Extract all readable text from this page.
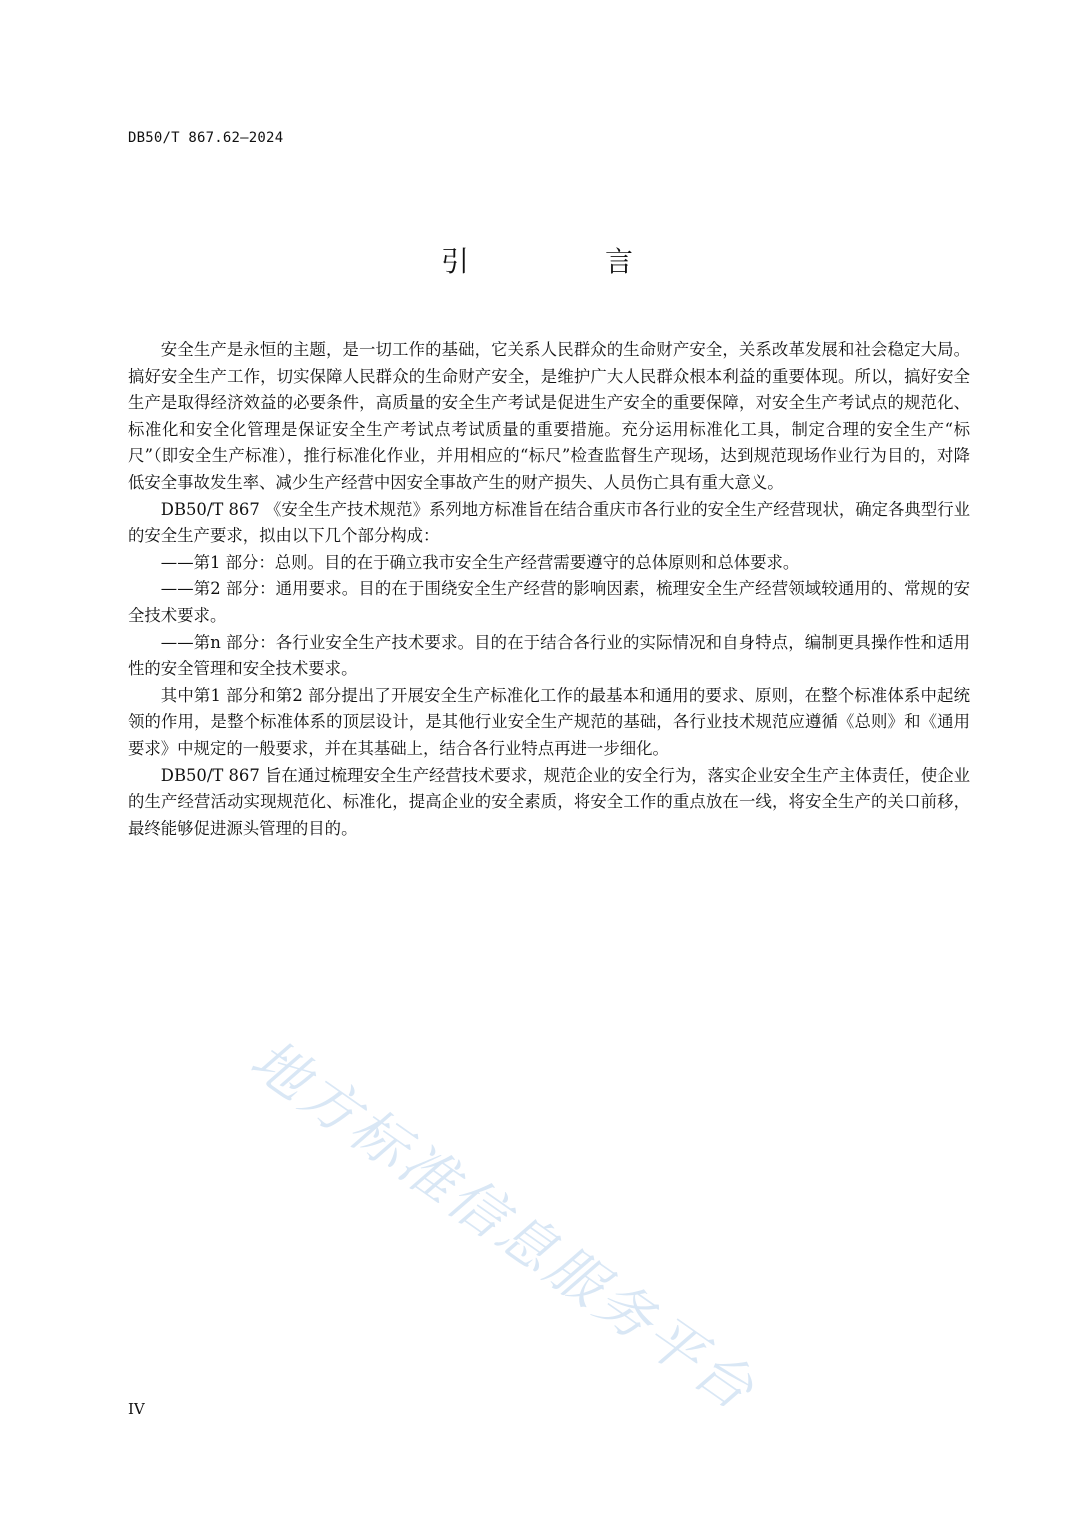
DB50/T 867.62—2024
引　言

安全生产是永恒的主题，是一切工作的基础，它关系人民群众的生命财产安全，关系改革发展和社会稳定大局。搞好安全生产工作，切实保障人民群众的生命财产安全，是维护广大人民群众根本利益的重要体现。所以，搞好安全生产是取得经济效益的必要条件，高质量的安全生产考试是促进生产安全的重要保障，对安全生产考试点的规范化、标准化和安全化管理是保证安全生产考试点考试质量的重要措施。充分运用标准化工具，制定合理的安全生产“标尺”（即安全生产标准），推行标准化作业，并用相应的“标尺”检查监督生产现场，达到规范现场作业行为目的，对降低安全事故发生率、减少生产经营中因安全事故产生的财产损失、人员伤亡具有重大意义。

DB50/T 867 《安全生产技术规范》系列地方标准旨在结合重庆市各行业的安全生产经营现状，确定各典型行业的安全生产要求，拟由以下几个部分构成：

——第1 部分：总则。目的在于确立我市安全生产经营需要遵守的总体原则和总体要求。

——第2 部分：通用要求。目的在于围绕安全生产经营的影响因素，梳理安全生产经营领域较通用的、常规的安全技术要求。

——第n 部分：各行业安全生产技术要求。目的在于结合各行业的实际情况和自身特点，编制更具操作性和适用性的安全管理和安全技术要求。

其中第1 部分和第2 部分提出了开展安全生产标准化工作的最基本和通用的要求、原则，在整个标准体系中起统领的作用，是整个标准体系的顶层设计，是其他行业安全生产规范的基础，各行业技术规范应遵循《总则》和《通用要求》中规定的一般要求，并在其基础上，结合各行业特点再进一步细化。

DB50/T 867 旨在通过梳理安全生产经营技术要求，规范企业的安全行为，落实企业安全生产主体责任，使企业的生产经营活动实现规范化、标准化，提高企业的安全素质，将安全工作的重点放在一线，将安全生产的关口前移，最终能够促进源头管理的目的。

地方标准信息服务平台
IV
